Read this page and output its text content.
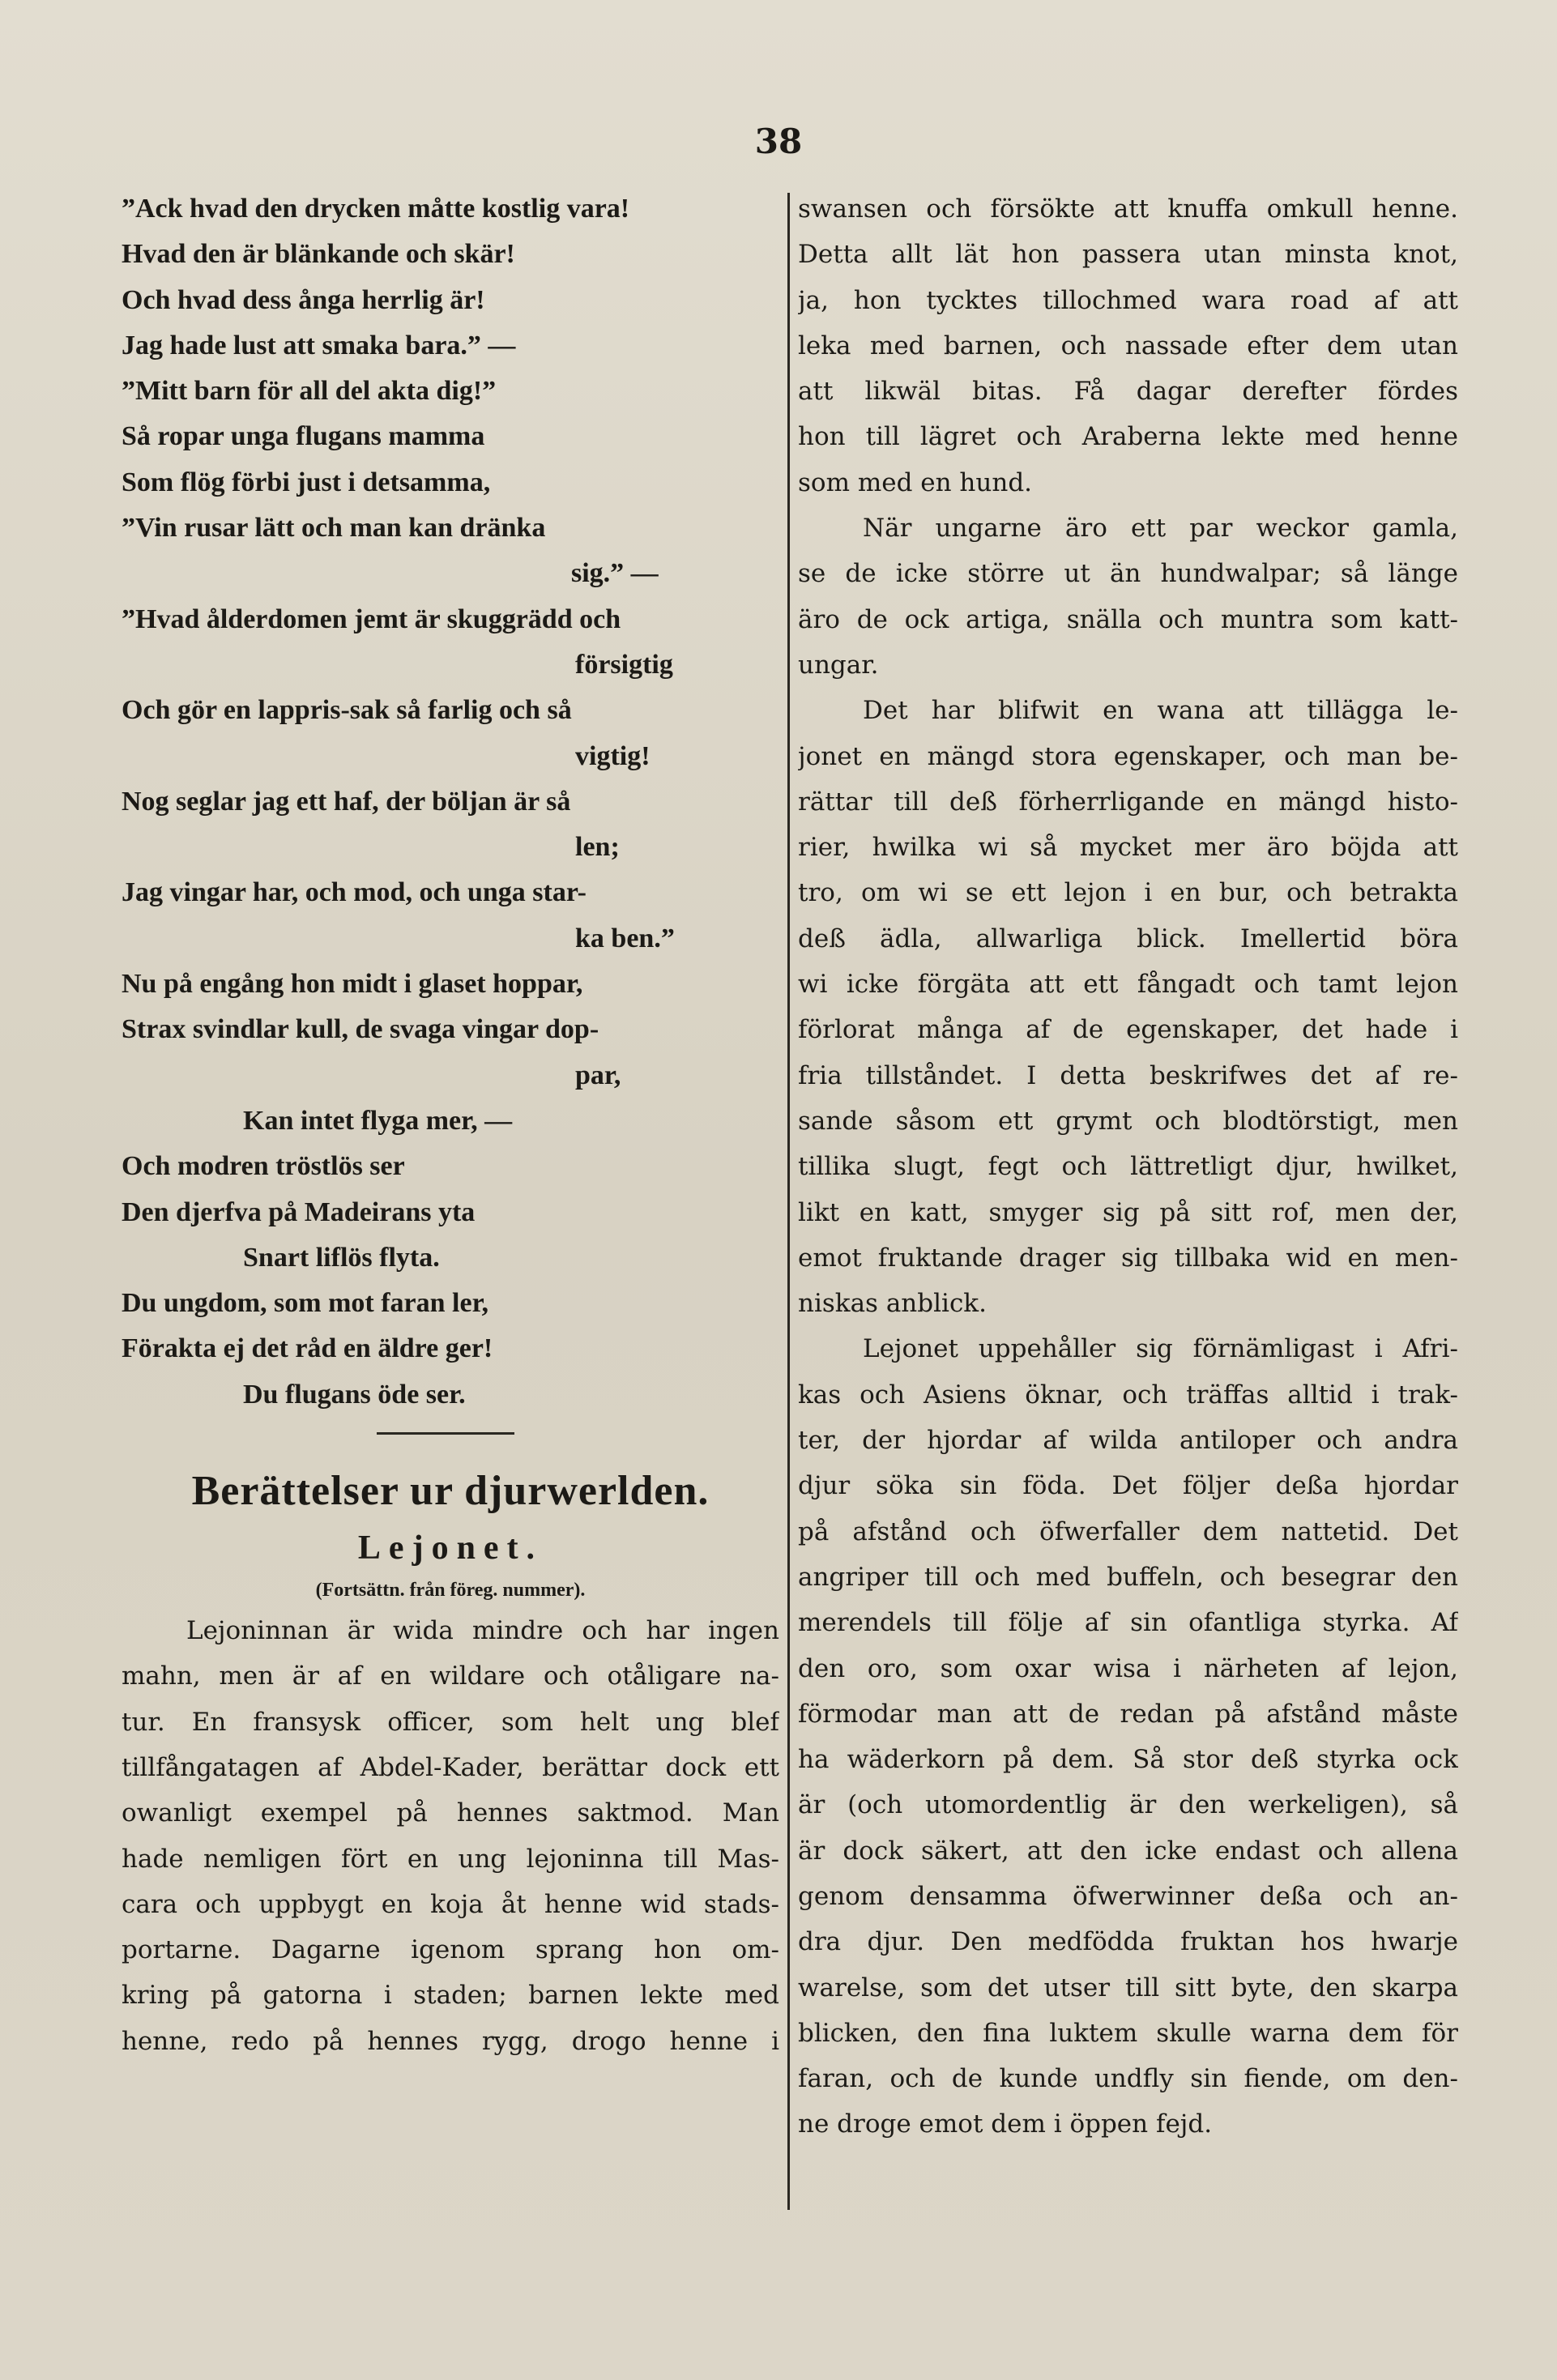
38
”Ack hvad den drycken måtte kostlig vara!
Hvad den är blänkande och skär!
Och hvad dess ånga herrlig är!
Jag hade lust att smaka bara.” —
”Mitt barn för all del akta dig!”
Så ropar unga flugans mamma
Som flög förbi just i detsamma,
”Vin rusar lätt och man kan dränka
sig.” —
”Hvad ålderdomen jemt är skuggrädd och
försigtig
Och gör en lappris-sak så farlig och så
vigtig!
Nog seglar jag ett haf, der böljan är så
len;
Jag vingar har, och mod, och unga star-
ka ben.”
Nu på engång hon midt i glaset hoppar,
Strax svindlar kull, de svaga vingar dop-
par,
Kan intet flyga mer, —
Och modren tröstlös ser
Den djerfva på Madeirans yta
Snart liflös flyta.
Du ungdom, som mot faran ler,
Förakta ej det råd en äldre ger!
Du flugans öde ser.
Berättelser ur djurwerlden.
Lejonet.
(Fortsättn. från föreg. nummer).
Lejoninnan är wida mindre och har ingen
mahn, men är af en wildare och otåligare na-
tur. En fransysk officer, som helt ung blef
tillfångatagen af Abdel-Kader, berättar dock ett
owanligt exempel på hennes saktmod. Man
hade nemligen fört en ung lejoninna till Mas-
cara och uppbygt en koja åt henne wid stads-
portarne. Dagarne igenom sprang hon om-
kring på gatorna i staden; barnen lekte med
henne, redo på hennes rygg, drogo henne i
swansen och försökte att knuffa omkull henne.
Detta allt lät hon passera utan minsta knot,
ja, hon tycktes tillochmed wara road af att
leka med barnen, och nassade efter dem utan
att likwäl bitas. Få dagar derefter fördes
hon till lägret och Araberna lekte med henne
som med en hund.
När ungarne äro ett par weckor gamla,
se de icke större ut än hundwalpar; så länge
äro de ock artiga, snälla och muntra som katt-
ungar.
Det har blifwit en wana att tillägga le-
jonet en mängd stora egenskaper, och man be-
rättar till deß förherrligande en mängd histo-
rier, hwilka wi så mycket mer äro böjda att
tro, om wi se ett lejon i en bur, och betrakta
deß ädla, allwarliga blick. Imellertid böra
wi icke förgäta att ett fångadt och tamt lejon
förlorat många af de egenskaper, det hade i
fria tillståndet. I detta beskrifwes det af re-
sande såsom ett grymt och blodtörstigt, men
tillika slugt, fegt och lättretligt djur, hwilket,
likt en katt, smyger sig på sitt rof, men der,
emot fruktande drager sig tillbaka wid en men-
niskas anblick.
Lejonet uppehåller sig förnämligast i Afri-
kas och Asiens öknar, och träffas alltid i trak-
ter, der hjordar af wilda antiloper och andra
djur söka sin föda. Det följer deßa hjordar
på afstånd och öfwerfaller dem nattetid. Det
angriper till och med buffeln, och besegrar den
merendels till följe af sin ofantliga styrka. Af
den oro, som oxar wisa i närheten af lejon,
förmodar man att de redan på afstånd måste
ha wäderkorn på dem. Så stor deß styrka ock
är (och utomordentlig är den werkeligen), så
är dock säkert, att den icke endast och allena
genom densamma öfwerwinner deßa och an-
dra djur. Den medfödda fruktan hos hwarje
warelse, som det utser till sitt byte, den skarpa
blicken, den fina luktem skulle warna dem för
faran, och de kunde undfly sin fiende, om den-
ne droge emot dem i öppen fejd.
